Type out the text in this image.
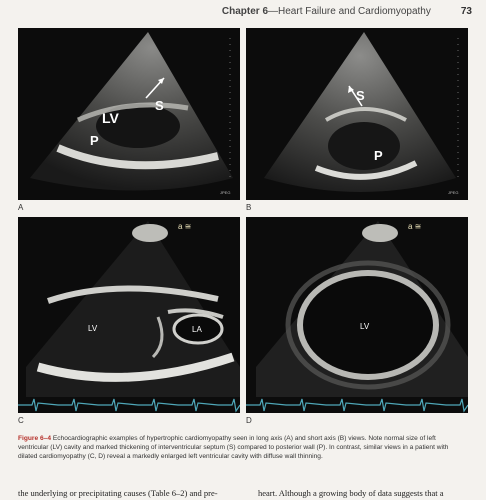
Chapter 6—Heart Failure and Cardiomyopathy	73
LV
S
P
JPEG
A
S
P
JPEG
B
LV	LA
a ≅
C
LV
a ≅
D
Figure 6–4 Echocardiographic examples of hypertrophic cardiomyopathy seen in long axis (A) and short axis (B) views. Note normal size of left ventricular (LV) cavity and marked thickening of interventricular septum (S) compared to posterior wall (P). In contrast, similar views in a patient with dilated cardiomyopathy (C, D) reveal a markedly enlarged left ventricular cavity with diffuse wall thinning.
the underlying or precipitating causes (Table 6–2) and pre-	heart. Although a growing body of data suggests that a
